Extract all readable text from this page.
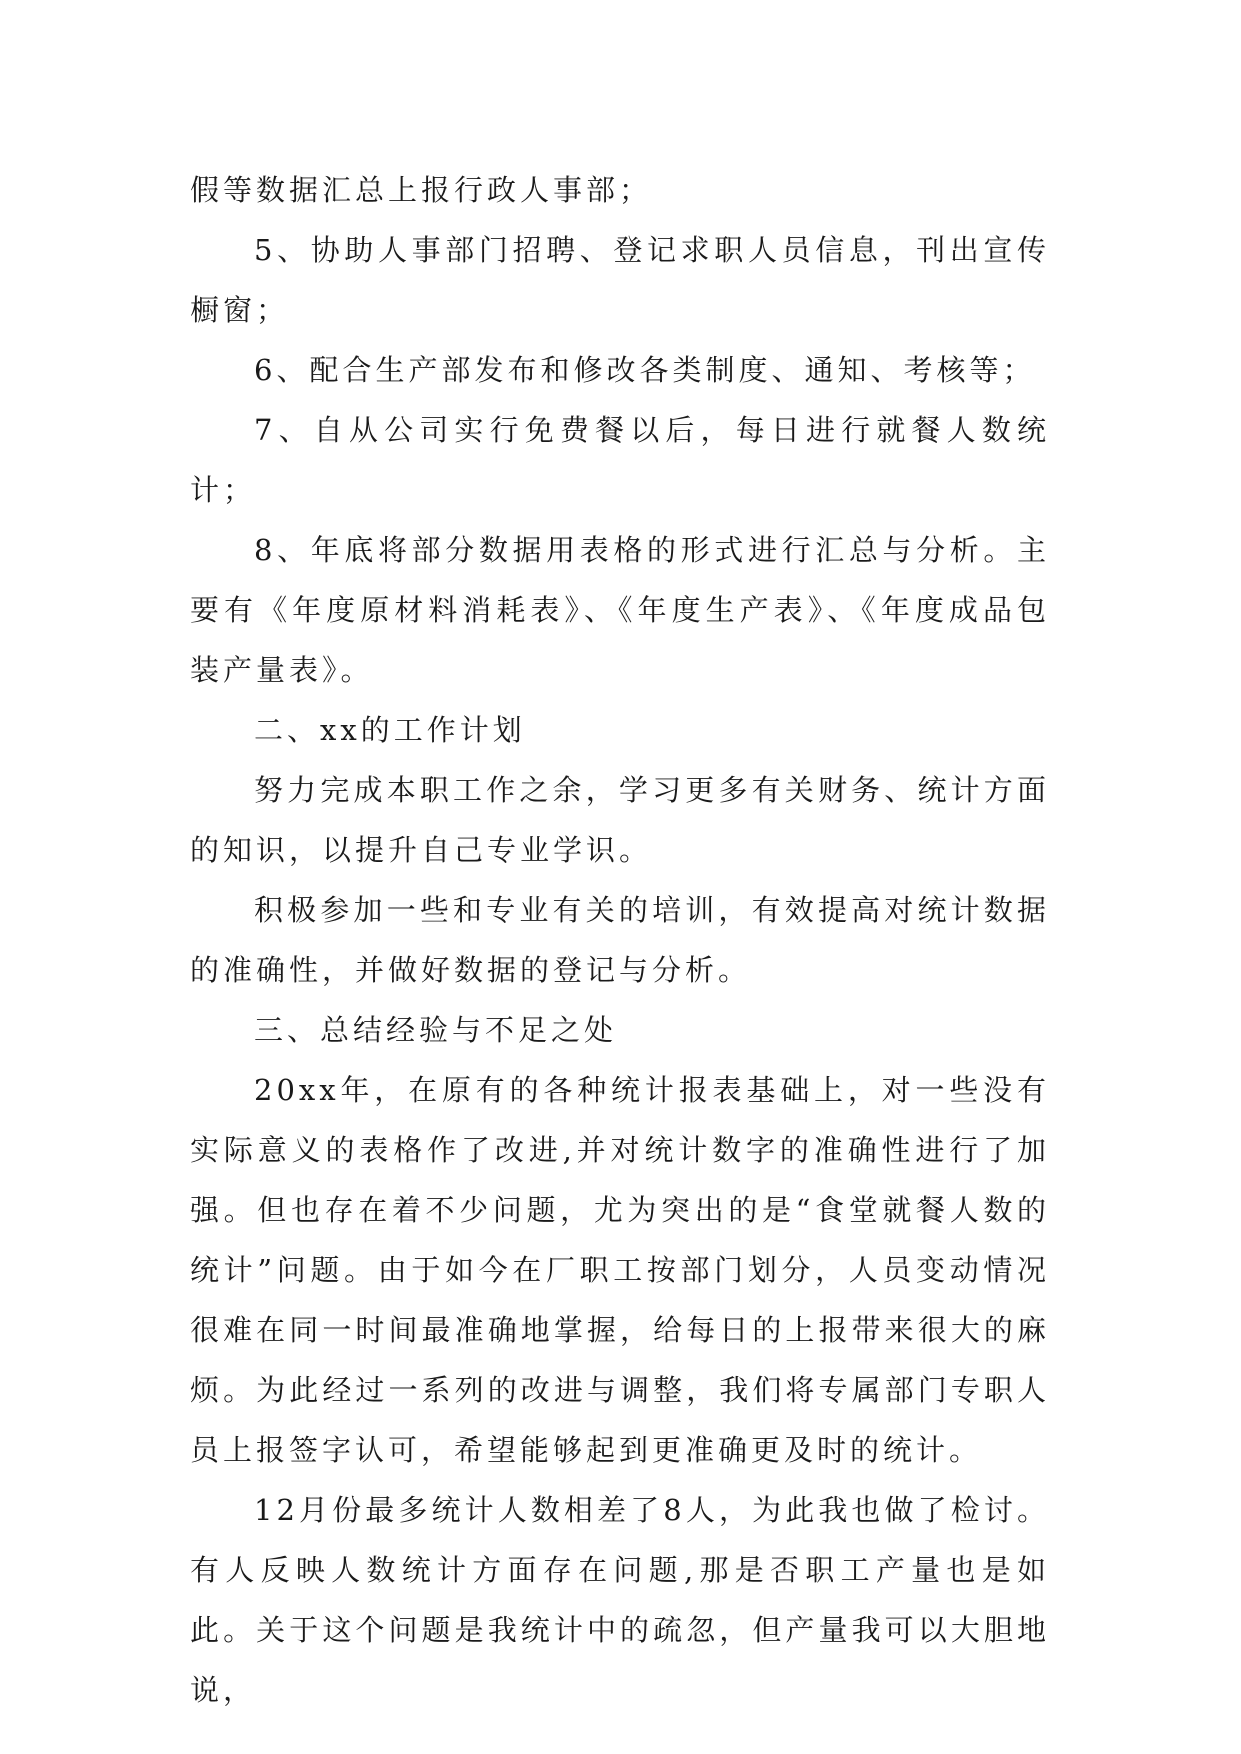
假等数据汇总上报行政人事部；

5、协助人事部门招聘、登记求职人员信息，刊出宣传橱窗；

6、配合生产部发布和修改各类制度、通知、考核等；

7、自从公司实行免费餐以后，每日进行就餐人数统计；

8、年底将部分数据用表格的形式进行汇总与分析。主要有《年度原材料消耗表》、《年度生产表》、《年度成品包装产量表》。

二、xx的工作计划

努力完成本职工作之余，学习更多有关财务、统计方面的知识，以提升自己专业学识。

积极参加一些和专业有关的培训，有效提高对统计数据的准确性，并做好数据的登记与分析。

三、总结经验与不足之处

20xx年，在原有的各种统计报表基础上，对一些没有实际意义的表格作了改进,并对统计数字的准确性进行了加强。但也存在着不少问题，尤为突出的是“食堂就餐人数的统计”问题。由于如今在厂职工按部门划分，人员变动情况很难在同一时间最准确地掌握，给每日的上报带来很大的麻烦。为此经过一系列的改进与调整，我们将专属部门专职人员上报签字认可，希望能够起到更准确更及时的统计。

12月份最多统计人数相差了8人，为此我也做了检讨。有人反映人数统计方面存在问题,那是否职工产量也是如此。关于这个问题是我统计中的疏忽，但产量我可以大胆地说，
